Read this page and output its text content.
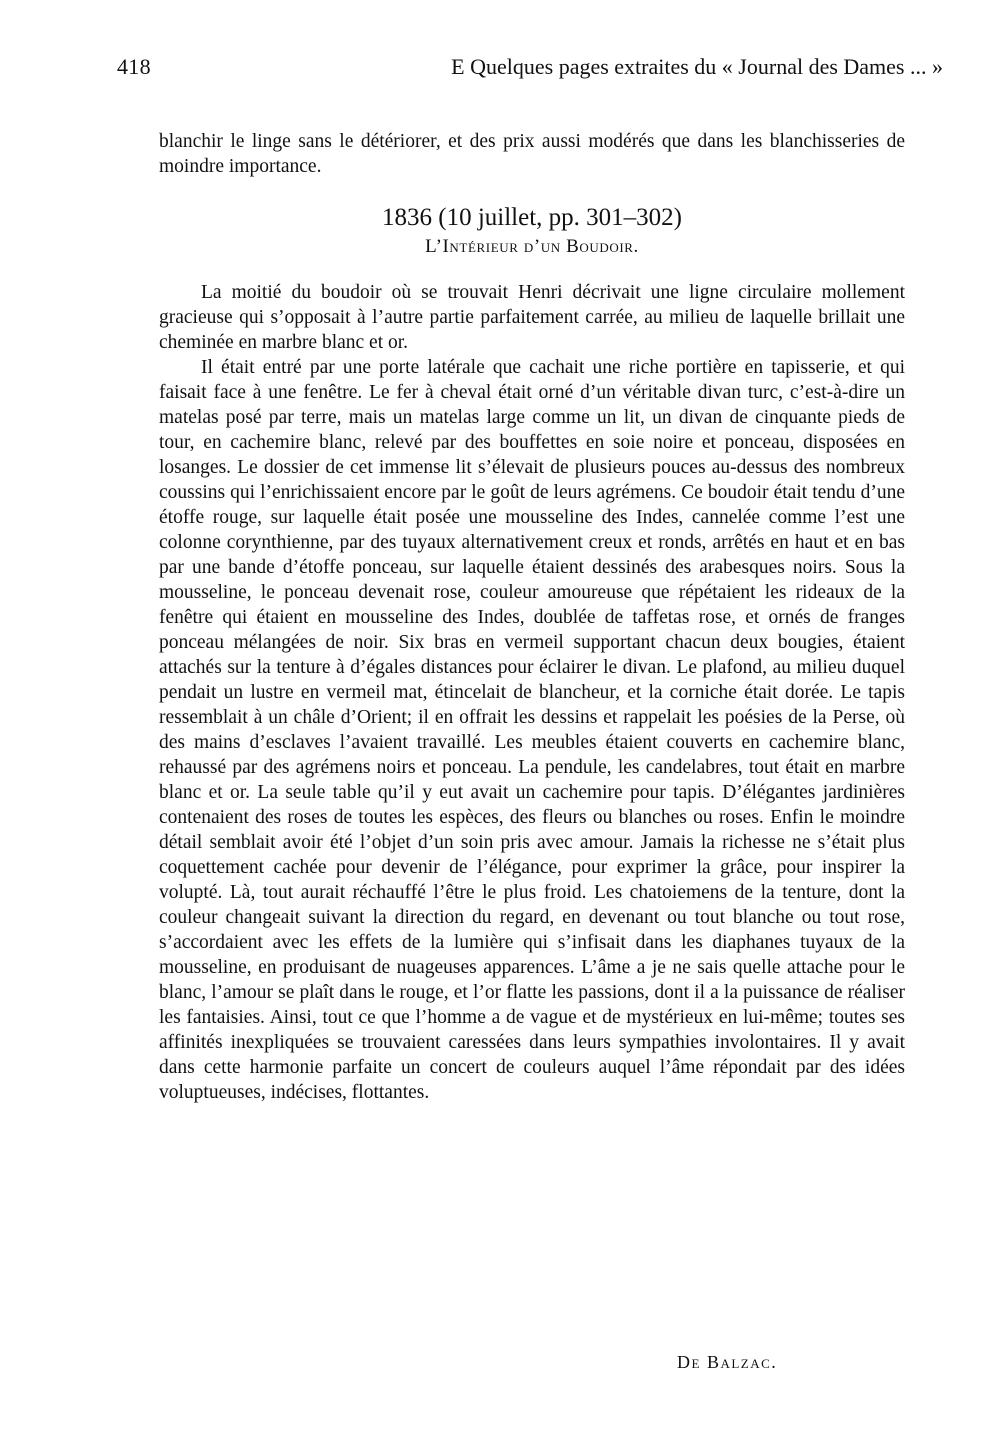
418	E Quelques pages extraites du « Journal des Dames ... »
blanchir le linge sans le détériorer, et des prix aussi modérés que dans les blanchisseries de moindre importance.
1836 (10 juillet, pp. 301–302)
L’Intérieur d’un Boudoir.

La moitié du boudoir où se trouvait Henri décrivait une ligne circulaire mollement gracieuse qui s’opposait à l’autre partie parfaitement carrée, au milieu de laquelle brillait une cheminée en marbre blanc et or.

Il était entré par une porte latérale que cachait une riche portière en tapisserie, et qui faisait face à une fenêtre. Le fer à cheval était orné d’un véritable divan turc, c’est-à-dire un matelas posé par terre, mais un matelas large comme un lit, un divan de cinquante pieds de tour, en cachemire blanc, relevé par des bouffettes en soie noire et ponceau, disposées en losanges. Le dossier de cet immense lit s’élevait de plusieurs pouces au-dessus des nombreux coussins qui l’enrichissaient encore par le goût de leurs agrémens. Ce boudoir était tendu d’une étoffe rouge, sur laquelle était posée une mousseline des Indes, cannelée comme l’est une colonne corynthienne, par des tuyaux alternativement creux et ronds, arrêtés en haut et en bas par une bande d’étoffe ponceau, sur laquelle étaient dessinés des arabesques noirs. Sous la mousseline, le ponceau devenait rose, couleur amoureuse que répétaient les rideaux de la fenêtre qui étaient en mousseline des Indes, doublée de taffetas rose, et ornés de franges ponceau mélangées de noir. Six bras en vermeil supportant chacun deux bougies, étaient attachés sur la tenture à d’égales distances pour éclairer le divan. Le plafond, au milieu duquel pendait un lustre en vermeil mat, étincelait de blancheur, et la corniche était dorée. Le tapis ressemblait à un châle d’Orient; il en offrait les dessins et rappelait les poésies de la Perse, où des mains d’esclaves l’avaient travaillé. Les meubles étaient couverts en cachemire blanc, rehaussé par des agrémens noirs et ponceau. La pendule, les candelabres, tout était en marbre blanc et or. La seule table qu’il y eut avait un cachemire pour tapis. D’élégantes jardinières contenaient des roses de toutes les espèces, des fleurs ou blanches ou roses. Enfin le moindre détail semblait avoir été l’objet d’un soin pris avec amour. Jamais la richesse ne s’était plus coquettement cachée pour devenir de l’élégance, pour exprimer la grâce, pour inspirer la volupté. Là, tout aurait réchauffé l’être le plus froid. Les chatoiemens de la tenture, dont la couleur changeait suivant la direction du regard, en devenant ou tout blanche ou tout rose, s’accordaient avec les effets de la lumière qui s’infisait dans les diaphanes tuyaux de la mousseline, en produisant de nuageuses apparences. L’âme a je ne sais quelle attache pour le blanc, l’amour se plaît dans le rouge, et l’or flatte les passions, dont il a la puissance de réaliser les fantaisies. Ainsi, tout ce que l’homme a de vague et de mystérieux en lui-même; toutes ses affinités inexpliquées se trouvaient caressées dans leurs sympathies involontaires. Il y avait dans cette harmonie parfaite un concert de couleurs auquel l’âme répondait par des idées voluptueuses, indécises, flottantes.

De Balzac.
